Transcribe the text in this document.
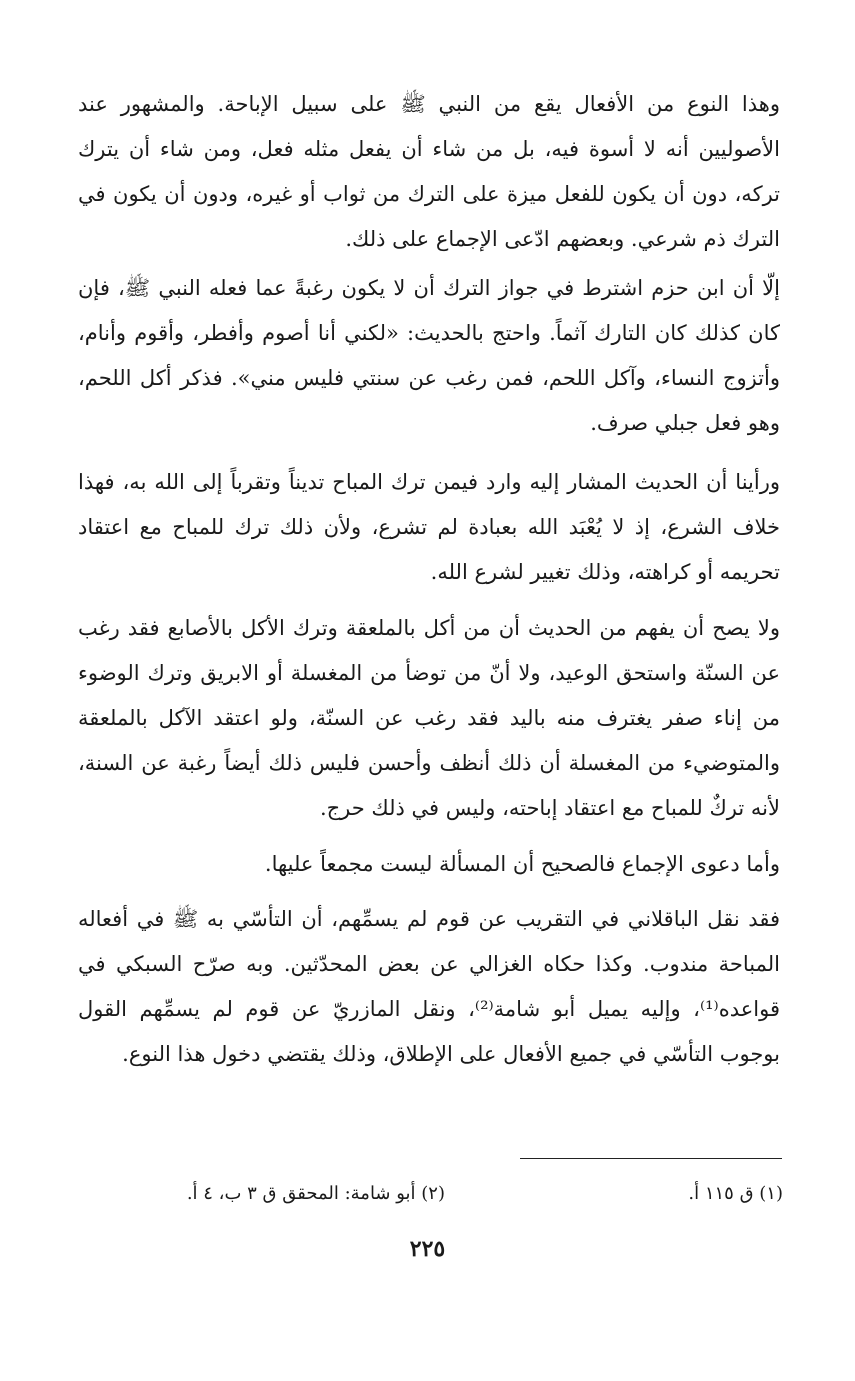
وهذا النوع من الأفعال يقع من النبي ﷺ على سبيل الإباحة. والمشهور عند الأصوليين أنه لا أسوة فيه، بل من شاء أن يفعل مثله فعل، ومن شاء أن يترك تركه، دون أن يكون للفعل ميزة على الترك من ثواب أو غيره، ودون أن يكون في الترك ذم شرعي. وبعضهم ادّعى الإجماع على ذلك.

إلّا أن ابن حزم اشترط في جواز الترك أن لا يكون رغبةً عما فعله النبي ﷺ، فإن كان كذلك كان التارك آثماً. واحتج بالحديث: «لكني أنا أصوم وأفطر، وأقوم وأنام، وأتزوج النساء، وآكل اللحم، فمن رغب عن سنتي فليس مني». فذكر أكل اللحم، وهو فعل جبلي صرف.

ورأينا أن الحديث المشار إليه وارد فيمن ترك المباح تديناً وتقرباً إلى الله به، فهذا خلاف الشرع، إذ لا يُعْبَد الله بعبادة لم تشرع، ولأن ذلك ترك للمباح مع اعتقاد تحريمه أو كراهته، وذلك تغيير لشرع الله.

ولا يصح أن يفهم من الحديث أن من أكل بالملعقة وترك الأكل بالأصابع فقد رغب عن السنّة واستحق الوعيد، ولا أنّ من توضأ من المغسلة أو الابريق وترك الوضوء من إناء صفر يغترف منه باليد فقد رغب عن السنّة، ولو اعتقد الآكل بالملعقة والمتوضيء من المغسلة أن ذلك أنظف وأحسن فليس ذلك أيضاً رغبة عن السنة، لأنه تركٌ للمباح مع اعتقاد إباحته، وليس في ذلك حرج.

وأما دعوى الإجماع فالصحيح أن المسألة ليست مجمعاً عليها.

فقد نقل الباقلاني في التقريب عن قوم لم يسمِّهم، أن التأسّي به ﷺ في أفعاله المباحة مندوب. وكذا حكاه الغزالي عن بعض المحدّثين. وبه صرّح السبكي في قواعده⁽¹⁾، وإليه يميل أبو شامة⁽²⁾، ونقل المازريّ عن قوم لم يسمِّهم القول بوجوب التأسّي في جميع الأفعال على الإطلاق، وذلك يقتضي دخول هذا النوع.

(١) ق ١١٥ أ.
(٢) أبو شامة: المحقق ق ٣ ب، ٤ أ.
٢٢٥
